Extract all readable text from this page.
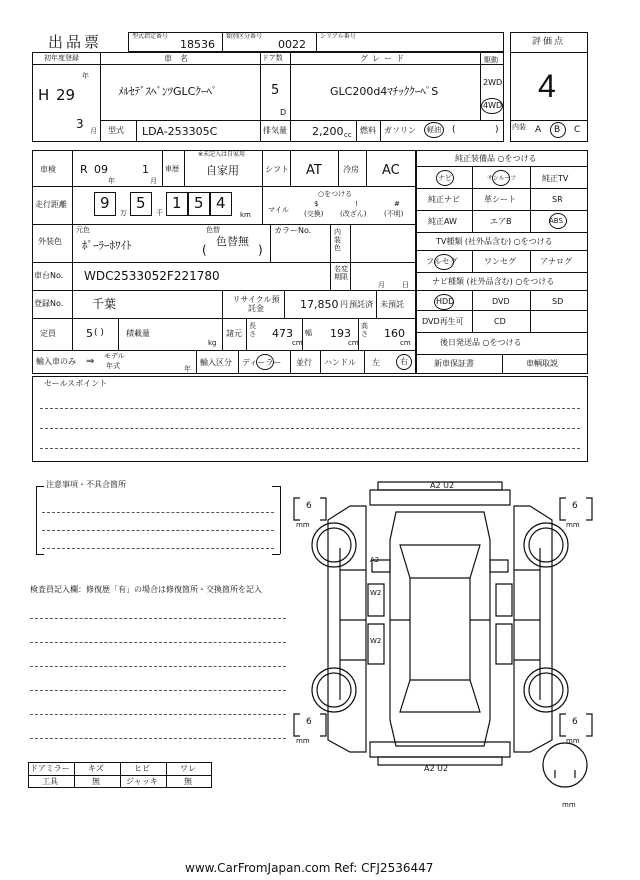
出品票	型式指定番号
18536
類別区分番号
0022
シリアル番号
評価点
4
内装 A B C
初年度登録
年
H 29
3 月
車名
ﾒﾙｾﾃﾞｽﾍﾞﾝﾂGLCｸｰﾍﾟ
ドア数
5
D
グレード
GLC200d4ﾏﾁｯｸｸｰﾍﾟS
駆動
2WD
4WD
型式 LDA-253305C	排気量 2,200 cc 燃料 ガソリン 軽油 (	)
車検 R 09
年
1
月
車歴
※未記入は自家用
自家用	シフト AT	冷房 AC
走行距離 9
万
5
千
1 5 4
km
○をつける
マイル
$
(交換)
!
(改ざん)
#
(不明)
外装色
元色
ﾎﾟｰﾗｰﾎﾜｲﾄ
色替
色替無
(	)
カラーNo.	内装色
車台No. WDC2533052F221780	名変期限
月 日
登録No. 千葉	リサイクル預託金	17,850 円 預託済 未預託
定員	5 ( )	積載量
kg
諸元
長さ 473
cm
幅 193
cm
高さ 160
cm
輸入車のみ ⇒ モデル
年式	年
輸入区分 ディーラー 並行 ハンドル 左	右
セールスポイント
純正装備品 ○をつける
ナビ	サンルーフ	純正TV
純正ナビ	革シート	SR
純正AW	エアB	ABS
TV種類 (社外品含む) ○をつける
フルセグ	ワンセグ	アナログ
ナビ種類 (社外品含む) ○をつける
HDD	DVD	SD
DVD再生可	CD
後日発送品 ○をつける
新車保証書	車輌取説
注意事項・不具合箇所
検査員記入欄：修復歴「有」の場合は修復箇所・交換箇所を記入
A2 U2
A2 U2
A2
W2
W2
6
mm
6
mm
6
mm
6
mm
mm
ドアミラー キズ	ヒビ	ワレ
工具	無	ジャッキ	無
www.CarFromJapan.com Ref: CFJ2536447
